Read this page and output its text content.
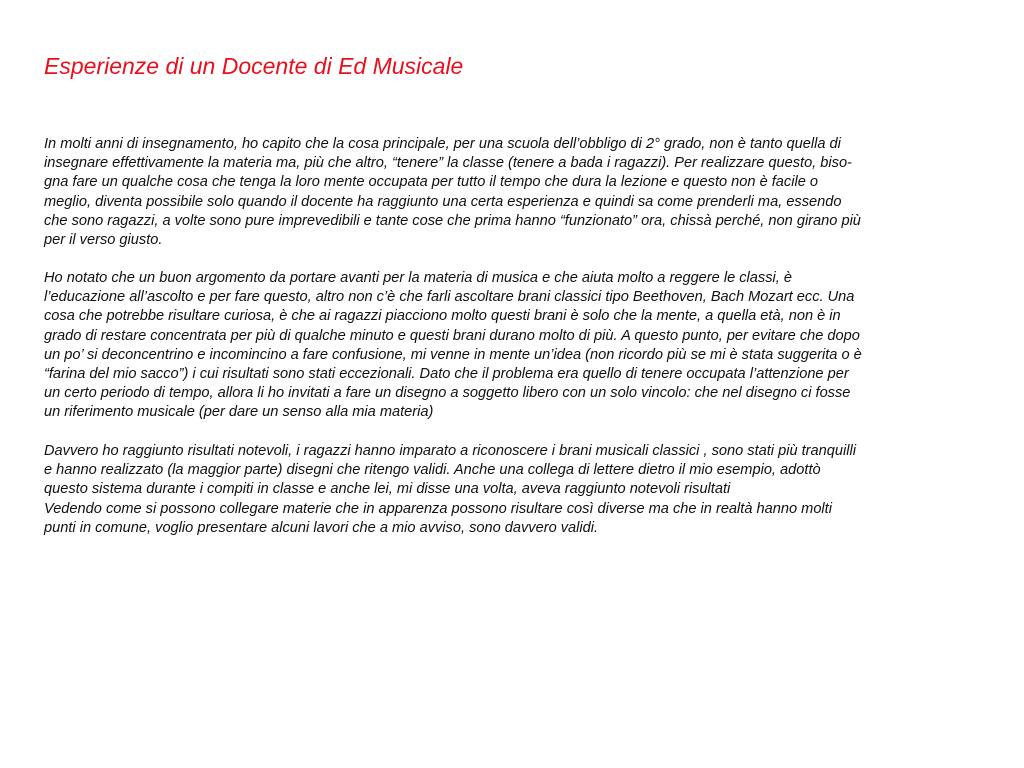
Esperienze di un Docente di Ed Musicale
In molti anni di insegnamento, ho capito che la cosa principale, per una scuola dell’obbligo di 2° grado, non è tanto quella di
insegnare effettivamente la materia ma, più che altro, “tenere” la classe (tenere a bada i ragazzi). Per realizzare questo, biso-
gna fare un qualche cosa che tenga la loro mente occupata per tutto il tempo che dura la lezione e questo non è facile o
meglio, diventa possibile solo quando il docente ha raggiunto una certa esperienza e quindi sa come prenderli ma, essendo
che sono ragazzi, a volte sono pure imprevedibili e tante cose che prima hanno “funzionato” ora, chissà perché, non girano più
per il verso giusto.
Ho notato che un buon argomento da portare avanti per la materia di musica e che aiuta molto a reggere le classi, è
l’educazione all’ascolto e per fare questo, altro non c’è che farli ascoltare brani classici tipo Beethoven, Bach Mozart ecc. Una
cosa che potrebbe risultare curiosa, è che ai ragazzi piacciono molto questi brani è solo che la mente, a quella età, non è in
grado di restare concentrata per più di qualche minuto e questi brani durano molto di più. A questo punto, per evitare che dopo
un po’ si deconcentrino e incomincino a fare confusione, mi venne in mente un’idea (non ricordo più se mi è stata suggerita o è
“farina del mio sacco”) i cui risultati sono stati eccezionali. Dato che il problema era quello di tenere occupata l’attenzione per
un certo periodo di tempo, allora li ho invitati a fare un disegno a soggetto libero con un solo vincolo: che nel disegno ci fosse
un riferimento musicale (per dare un senso alla mia materia)
Davvero ho raggiunto risultati notevoli, i ragazzi hanno imparato a riconoscere i brani musicali classici , sono stati più tranquilli
e hanno realizzato (la maggior parte) disegni che ritengo validi. Anche una collega di lettere dietro il mio esempio, adottò
questo sistema durante i compiti in classe e anche lei, mi disse una volta, aveva raggiunto notevoli risultati
Vedendo come si possono collegare materie che in apparenza possono risultare così diverse ma che in realtà hanno molti
punti in comune, voglio presentare alcuni lavori che a mio avviso, sono davvero validi.
